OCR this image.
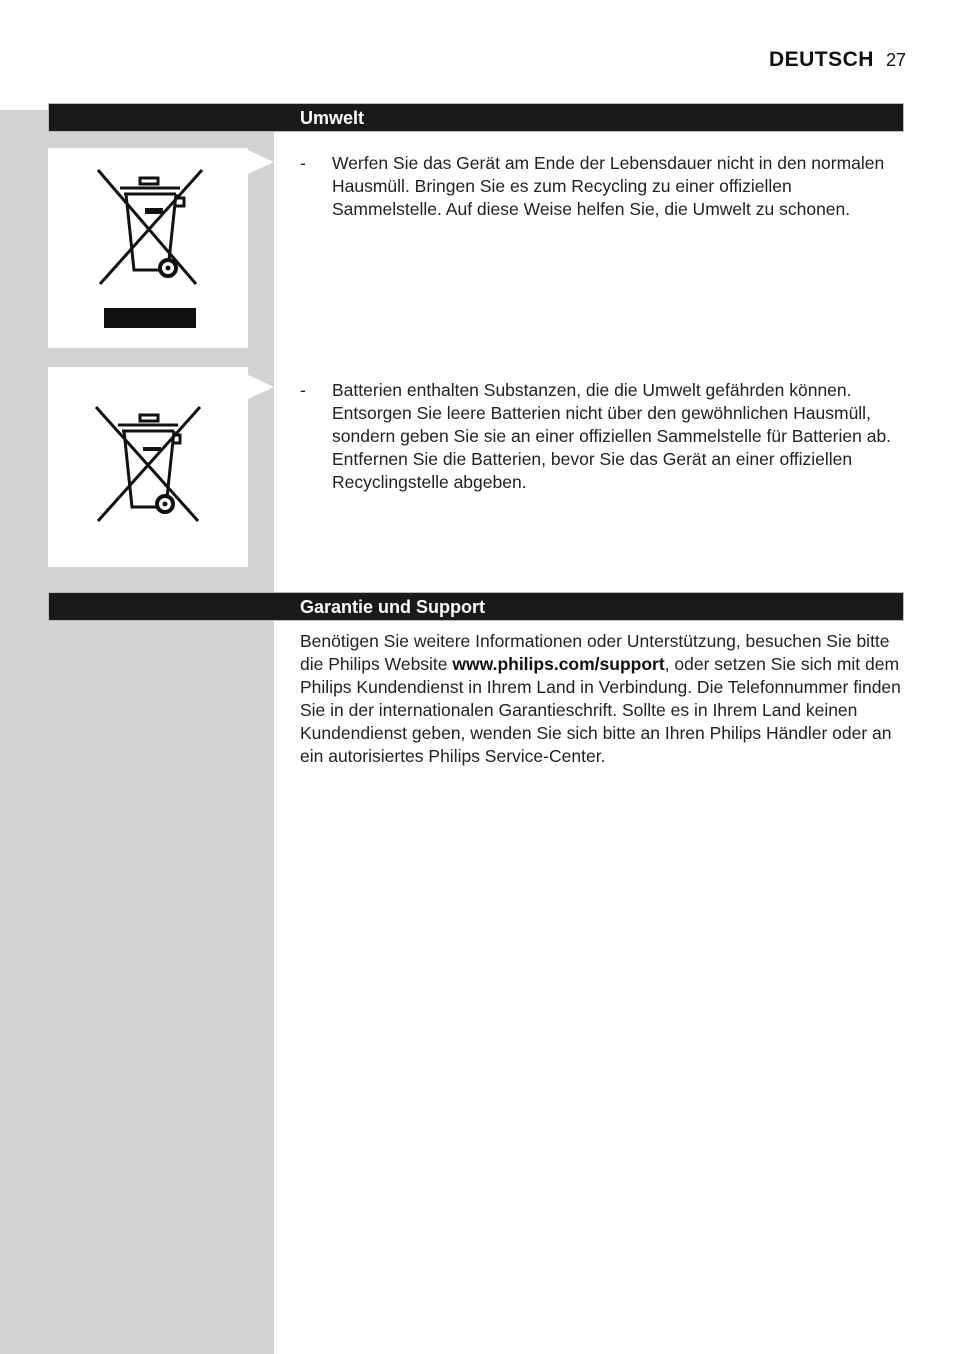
DEUTSCH 27
Umwelt
- Werfen Sie das Gerät am Ende der Lebensdauer nicht in den normalen Hausmüll. Bringen Sie es zum Recycling zu einer offiziellen Sammelstelle. Auf diese Weise helfen Sie, die Umwelt zu schonen.
- Batterien enthalten Substanzen, die die Umwelt gefährden können. Entsorgen Sie leere Batterien nicht über den gewöhnlichen Hausmüll, sondern geben Sie sie an einer offiziellen Sammelstelle für Batterien ab. Entfernen Sie die Batterien, bevor Sie das Gerät an einer offiziellen Recyclingstelle abgeben.
Garantie und Support
Benötigen Sie weitere Informationen oder Unterstützung, besuchen Sie bitte die Philips Website www.philips.com/support, oder setzen Sie sich mit dem Philips Kundendienst in Ihrem Land in Verbindung. Die Telefonnummer finden Sie in der internationalen Garantieschrift. Sollte es in Ihrem Land keinen Kundendienst geben, wenden Sie sich bitte an Ihren Philips Händler oder an ein autorisiertes Philips Service-Center.
